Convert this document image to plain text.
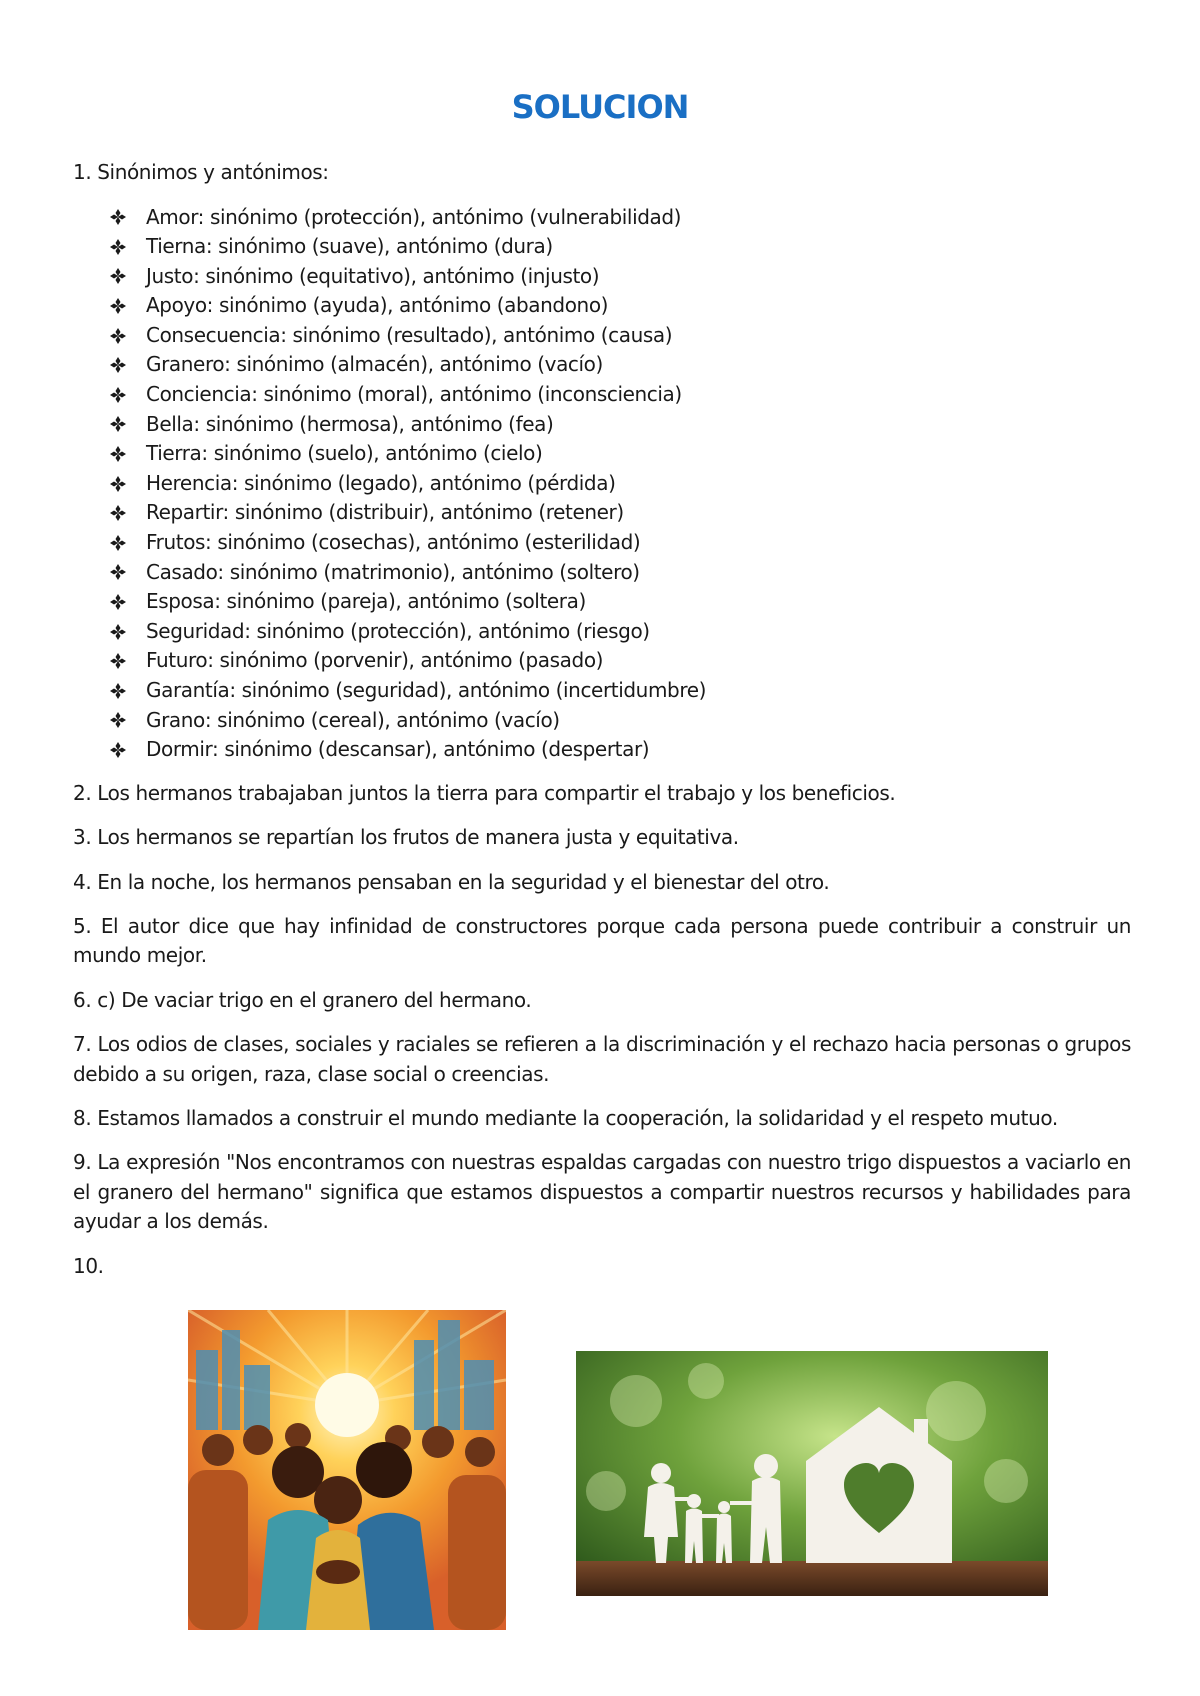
SOLUCION

1. Sinónimos y antónimos:

Amor: sinónimo (protección), antónimo (vulnerabilidad)
Tierna: sinónimo (suave), antónimo (dura)
Justo: sinónimo (equitativo), antónimo (injusto)
Apoyo: sinónimo (ayuda), antónimo (abandono)
Consecuencia: sinónimo (resultado), antónimo (causa)
Granero: sinónimo (almacén), antónimo (vacío)
Conciencia: sinónimo (moral), antónimo (inconsciencia)
Bella: sinónimo (hermosa), antónimo (fea)
Tierra: sinónimo (suelo), antónimo (cielo)
Herencia: sinónimo (legado), antónimo (pérdida)
Repartir: sinónimo (distribuir), antónimo (retener)
Frutos: sinónimo (cosechas), antónimo (esterilidad)
Casado: sinónimo (matrimonio), antónimo (soltero)
Esposa: sinónimo (pareja), antónimo (soltera)
Seguridad: sinónimo (protección), antónimo (riesgo)
Futuro: sinónimo (porvenir), antónimo (pasado)
Garantía: sinónimo (seguridad), antónimo (incertidumbre)
Grano: sinónimo (cereal), antónimo (vacío)
Dormir: sinónimo (descansar), antónimo (despertar)

2. Los hermanos trabajaban juntos la tierra para compartir el trabajo y los beneficios.

3. Los hermanos se repartían los frutos de manera justa y equitativa.

4. En la noche, los hermanos pensaban en la seguridad y el bienestar del otro.

5. El autor dice que hay infinidad de constructores porque cada persona puede contribuir a construir un mundo mejor.

6. c) De vaciar trigo en el granero del hermano.

7. Los odios de clases, sociales y raciales se refieren a la discriminación y el rechazo hacia personas o grupos debido a su origen, raza, clase social o creencias.

8. Estamos llamados a construir el mundo mediante la cooperación, la solidaridad y el respeto mutuo.

9. La expresión "Nos encontramos con nuestras espaldas cargadas con nuestro trigo dispuestos a vaciarlo en el granero del hermano" significa que estamos dispuestos a compartir nuestros recursos y habilidades para ayudar a los demás.

10.
